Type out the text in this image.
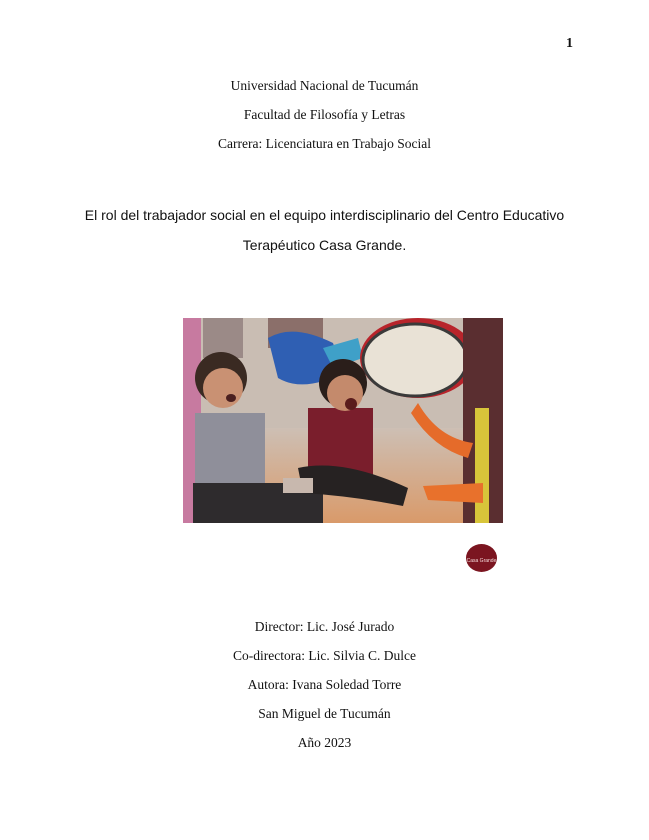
1
Universidad Nacional de Tucumán
Facultad de Filosofía y Letras
Carrera: Licenciatura en Trabajo Social
El rol del trabajador social en el equipo interdisciplinario del Centro Educativo
Terapéutico Casa Grande.
Casa Grande
Director: Lic. José Jurado
Co-directora: Lic. Silvia C. Dulce
Autora: Ivana Soledad Torre
San Miguel de Tucumán
Año 2023
